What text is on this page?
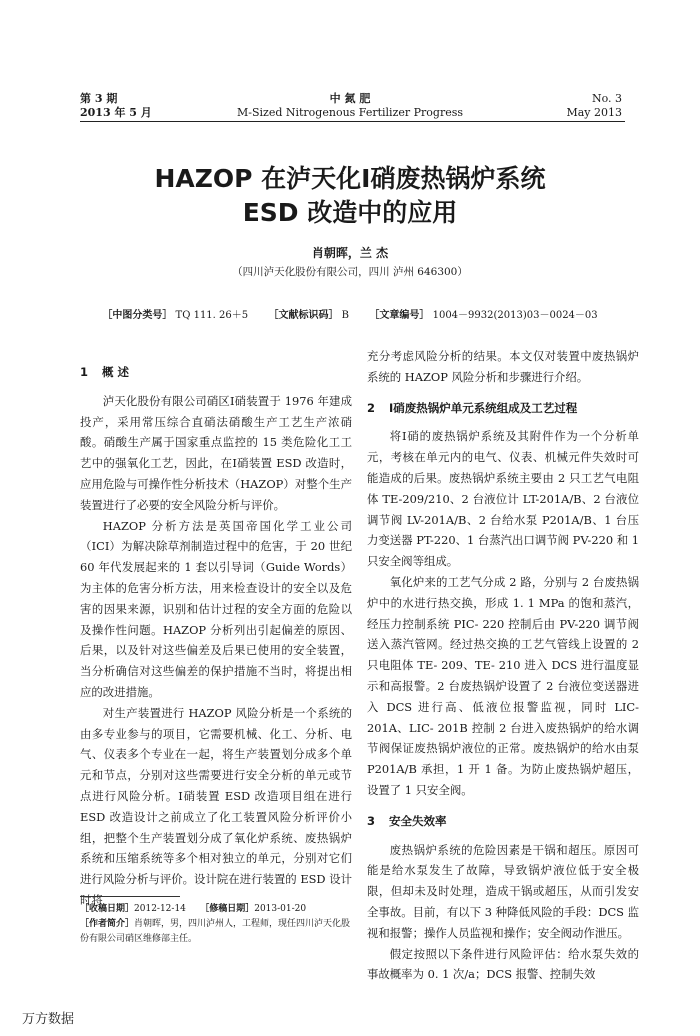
第 3 期
2013 年 5 月
中 氮 肥
M-Sized Nitrogenous Fertilizer Progress
No. 3
May 2013
HAZOP 在泸天化Ⅰ硝废热锅炉系统
ESD 改造中的应用
肖朝晖，兰 杰
（四川泸天化股份有限公司，四川 泸州 646300）
［中图分类号］ TQ 111. 26＋5 ［文献标识码］ B ［文章编号］ 1004－9932(2013)03－0024－03
1 概 述

泸天化股份有限公司硝区Ⅰ硝装置于 1976 年建成投产，采用常压综合直硝法硝酸生产工艺生产浓硝酸。硝酸生产属于国家重点监控的 15 类危险化工工艺中的强氧化工艺，因此，在Ⅰ硝装置 ESD 改造时，应用危险与可操作性分析技术（HAZOP）对整个生产装置进行了必要的安全风险分析与评价。

HAZOP 分析方法是英国帝国化学工业公司（ICI）为解决除草剂制造过程中的危害，于 20 世纪 60 年代发展起来的 1 套以引导词（Guide Words）为主体的危害分析方法，用来检查设计的安全以及危害的因果来源，识别和估计过程的安全方面的危险以及操作性问题。HAZOP 分析列出引起偏差的原因、后果，以及针对这些偏差及后果已使用的安全装置，当分析确信对这些偏差的保护措施不当时，将提出相应的改进措施。

对生产装置进行 HAZOP 风险分析是一个系统的由多专业参与的项目，它需要机械、化工、分析、电气、仪表多个专业在一起，将生产装置划分成多个单元和节点，分别对这些需要进行安全分析的单元或节点进行风险分析。Ⅰ硝装置 ESD 改造项目组在进行 ESD 改造设计之前成立了化工装置风险分析评价小组，把整个生产装置划分成了氧化炉系统、废热锅炉系统和压缩系统等多个相对独立的单元，分别对它们进行风险分析与评价。设计院在进行装置的 ESD 设计时将

［收稿日期］2012-12-14 ［修稿日期］2013-01-20
［作者简介］肖朝晖，男，四川泸州人，工程师，现任四川泸天化股份有限公司硝区维修部主任。

充分考虑风险分析的结果。本文仅对装置中废热锅炉系统的 HAZOP 风险分析和步骤进行介绍。

2 Ⅰ硝废热锅炉单元系统组成及工艺过程

将Ⅰ硝的废热锅炉系统及其附件作为一个分析单元，考核在单元内的电气、仪表、机械元件失效时可能造成的后果。废热锅炉系统主要由 2 只工艺气电阻体 TE-209/210、2 台液位计 LT-201A/B、2 台液位调节阀 LV-201A/B、2 台给水泵 P201A/B、1 台压力变送器 PT-220、1 台蒸汽出口调节阀 PV-220 和 1 只安全阀等组成。

氧化炉来的工艺气分成 2 路，分别与 2 台废热锅炉中的水进行热交换，形成 1. 1 MPa 的饱和蒸汽，经压力控制系统 PIC- 220 控制后由 PV-220 调节阀送入蒸汽管网。经过热交换的工艺气管线上设置的 2 只电阻体 TE- 209、TE- 210 进入 DCS 进行温度显示和高报警。2 台废热锅炉设置了 2 台液位变送器进入 DCS 进行高、低液位报警监视，同时 LIC- 201A、LIC- 201B 控制 2 台进入废热锅炉的给水调节阀保证废热锅炉液位的正常。废热锅炉的给水由泵 P201A/B 承担，1 开 1 备。为防止废热锅炉超压，设置了 1 只安全阀。

3 安全失效率

废热锅炉系统的危险因素是干锅和超压。原因可能是给水泵发生了故障，导致锅炉液位低于安全极限，但却未及时处理，造成干锅或超压，从而引发安全事故。目前，有以下 3 种降低风险的手段：DCS 监视和报警；操作人员监视和操作；安全阀动作泄压。

假定按照以下条件进行风险评估：给水泵失效的事故概率为 0. 1 次/a；DCS 报警、控制失效

万方数据
